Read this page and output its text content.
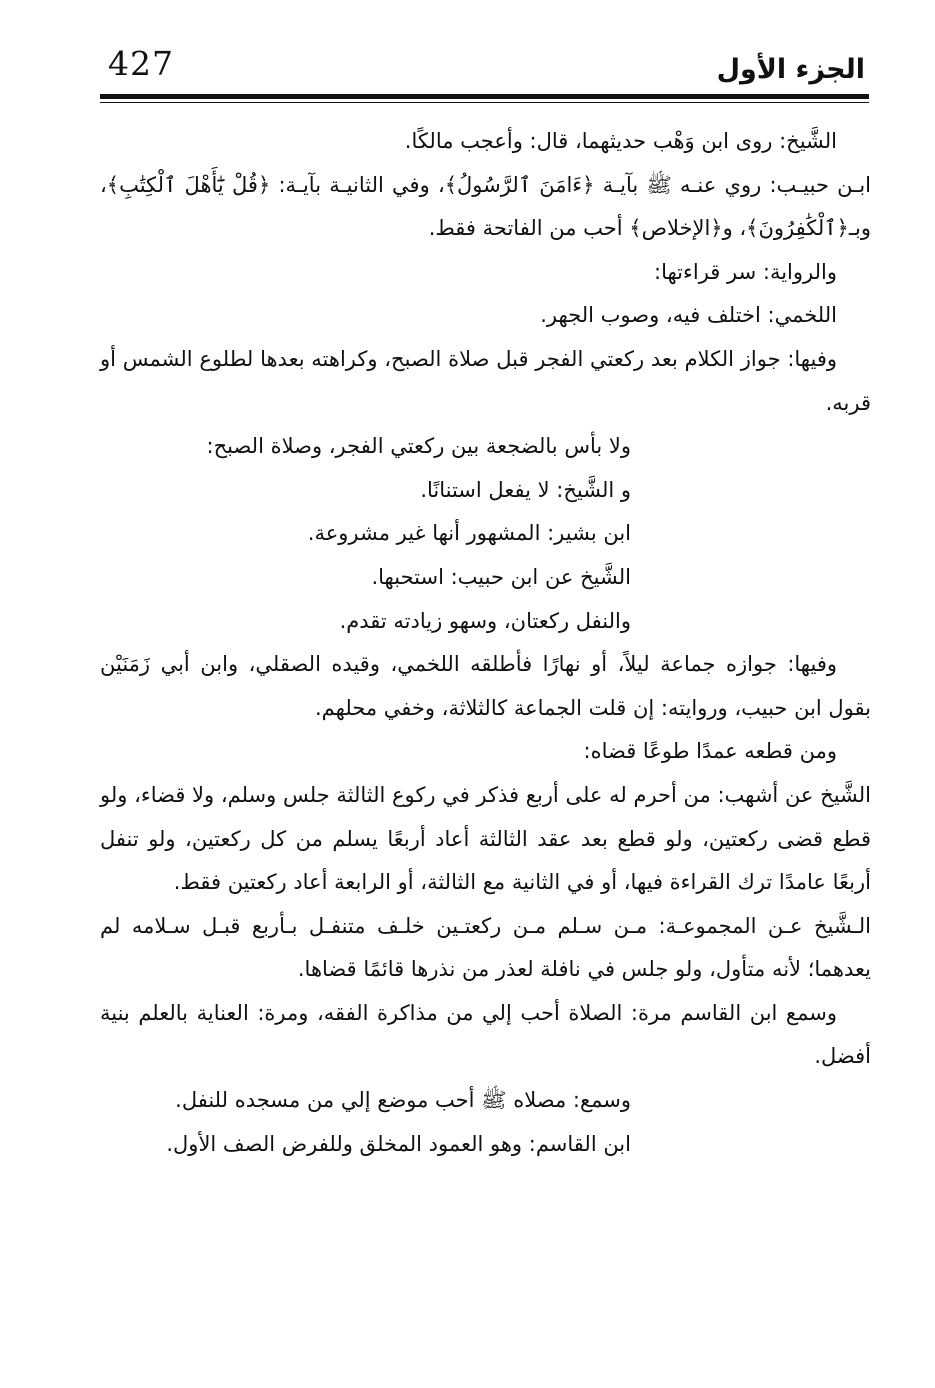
427	الجزء الأول

الشَّيخ: روى ابن وَهْب حديثهما، قال: وأعجب مالكًا.

ابـن حبيـب: روي عنـه ﷺ بآيـة ﴿ءَامَنَ ٱلرَّسُولُ﴾، وفي الثانيـة بآيـة: ﴿قُلْ يَٰٓأَهْلَ ٱلْكِتَٰبِ﴾، وبـ﴿ٱلْكَٰفِرُونَ﴾، و﴿الإخلاص﴾ أحب من الفاتحة فقط.

والرواية: سر قراءتها:

اللخمي: اختلف فيه، وصوب الجهر.

وفيها: جواز الكلام بعد ركعتي الفجر قبل صلاة الصبح، وكراهته بعدها لطلوع الشمس أو قربه.

ولا بأس بالضجعة بين ركعتي الفجر، وصلاة الصبح:

و الشَّيخ: لا يفعل استنانًا.

ابن بشير: المشهور أنها غير مشروعة.

الشَّيخ عن ابن حبيب: استحبها.

والنفل ركعتان، وسهو زيادته تقدم.

وفيها: جوازه جماعة ليلاً، أو نهارًا فأطلقه اللخمي، وقيده الصقلي، وابن أبي زَمَنَيْن بقول ابن حبيب، وروايته: إن قلت الجماعة كالثلاثة، وخفي محلهم.

ومن قطعه عمدًا طوعًا قضاه:

الشَّيخ عن أشهب: من أحرم له على أربع فذكر في ركوع الثالثة جلس وسلم، ولا قضاء، ولو قطع قضى ركعتين، ولو قطع بعد عقد الثالثة أعاد أربعًا يسلم من كل ركعتين، ولو تنفل أربعًا عامدًا ترك القراءة فيها، أو في الثانية مع الثالثة، أو الرابعة أعاد ركعتين فقط.

الـشَّيخ عـن المجموعـة: مـن سـلم مـن ركعتـين خلـف متنفـل بـأربع قبـل سـلامه لم يعدهما؛ لأنه متأول، ولو جلس في نافلة لعذر من نذرها قائمًا قضاها.

وسمع ابن القاسم مرة: الصلاة أحب إلي من مذاكرة الفقه، ومرة: العناية بالعلم بنية أفضل.

وسمع: مصلاه ﷺ أحب موضع إلي من مسجده للنفل.

ابن القاسم: وهو العمود المخلق وللفرض الصف الأول.
